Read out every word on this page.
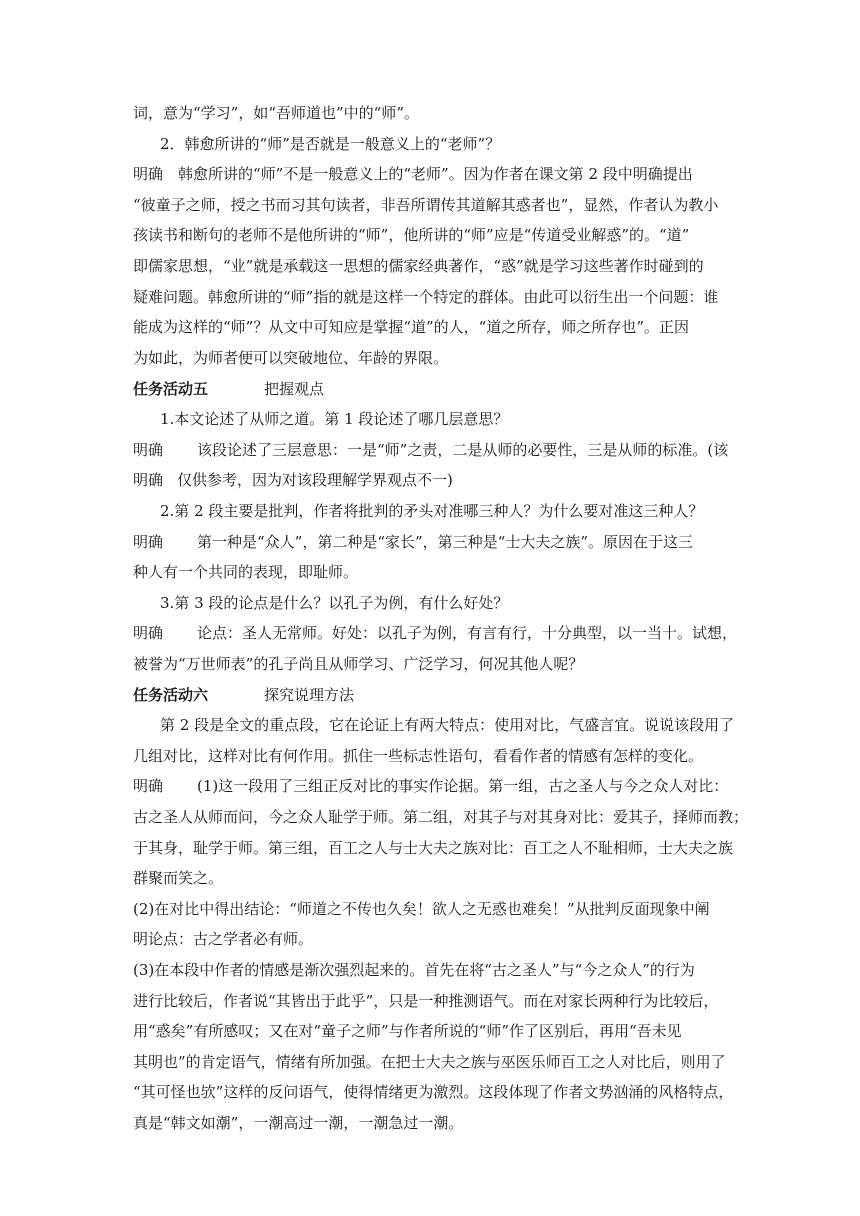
词，意为“学习”，如“吾师道也”中的“师”。
2．韩愈所讲的“师”是否就是一般意义上的“老师”？
明确　韩愈所讲的“师”不是一般意义上的“老师”。因为作者在课文第 2 段中明确提出
“彼童子之师，授之书而习其句读者，非吾所谓传其道解其惑者也”，显然，作者认为教小
孩读书和断句的老师不是他所讲的“师”，他所讲的“师”应是“传道受业解惑”的。“道”
即儒家思想，“业”就是承载这一思想的儒家经典著作，“惑”就是学习这些著作时碰到的
疑难问题。韩愈所讲的“师”指的就是这样一个特定的群体。由此可以衍生出一个问题：谁
能成为这样的“师”？从文中可知应是掌握“道”的人，“道之所存，师之所存也”。正因
为如此，为师者便可以突破地位、年龄的界限。
任务活动五	把握观点
1.本文论述了从师之道。第 1 段论述了哪几层意思？
明确 该段论述了三层意思：一是“师”之责，二是从师的必要性，三是从师的标准。(该
明确 仅供参考，因为对该段理解学界观点不一)
2.第 2 段主要是批判，作者将批判的矛头对准哪三种人？为什么要对准这三种人？
明确 第一种是“众人”，第二种是“家长”，第三种是“士大夫之族”。原因在于这三
种人有一个共同的表现，即耻师。
3.第 3 段的论点是什么？以孔子为例，有什么好处？
明确 论点：圣人无常师。好处：以孔子为例，有言有行，十分典型，以一当十。试想，
被誉为“万世师表”的孔子尚且从师学习、广泛学习，何况其他人呢？
任务活动六	探究说理方法
第 2 段是全文的重点段，它在论证上有两大特点：使用对比，气盛言宜。说说该段用了
几组对比，这样对比有何作用。抓住一些标志性语句，看看作者的情感有怎样的变化。
明确 (1)这一段用了三组正反对比的事实作论据。第一组，古之圣人与今之众人对比：
古之圣人从师而问，今之众人耻学于师。第二组，对其子与对其身对比：爱其子，择师而教；
于其身，耻学于师。第三组，百工之人与士大夫之族对比：百工之人不耻相师，士大夫之族
群聚而笑之。
(2)在对比中得出结论：“师道之不传也久矣！欲人之无惑也难矣！”从批判反面现象中阐
明论点：古之学者必有师。
(3)在本段中作者的情感是渐次强烈起来的。首先在将“古之圣人”与“今之众人”的行为
进行比较后，作者说“其皆出于此乎”，只是一种推测语气。而在对家长两种行为比较后，
用“惑矣”有所感叹；又在对“童子之师”与作者所说的“师”作了区别后，再用“吾未见
其明也”的肯定语气，情绪有所加强。在把士大夫之族与巫医乐师百工之人对比后，则用了
“其可怪也欤”这样的反问语气，使得情绪更为激烈。这段体现了作者文势汹涌的风格特点，
真是“韩文如潮”，一潮高过一潮，一潮急过一潮。
